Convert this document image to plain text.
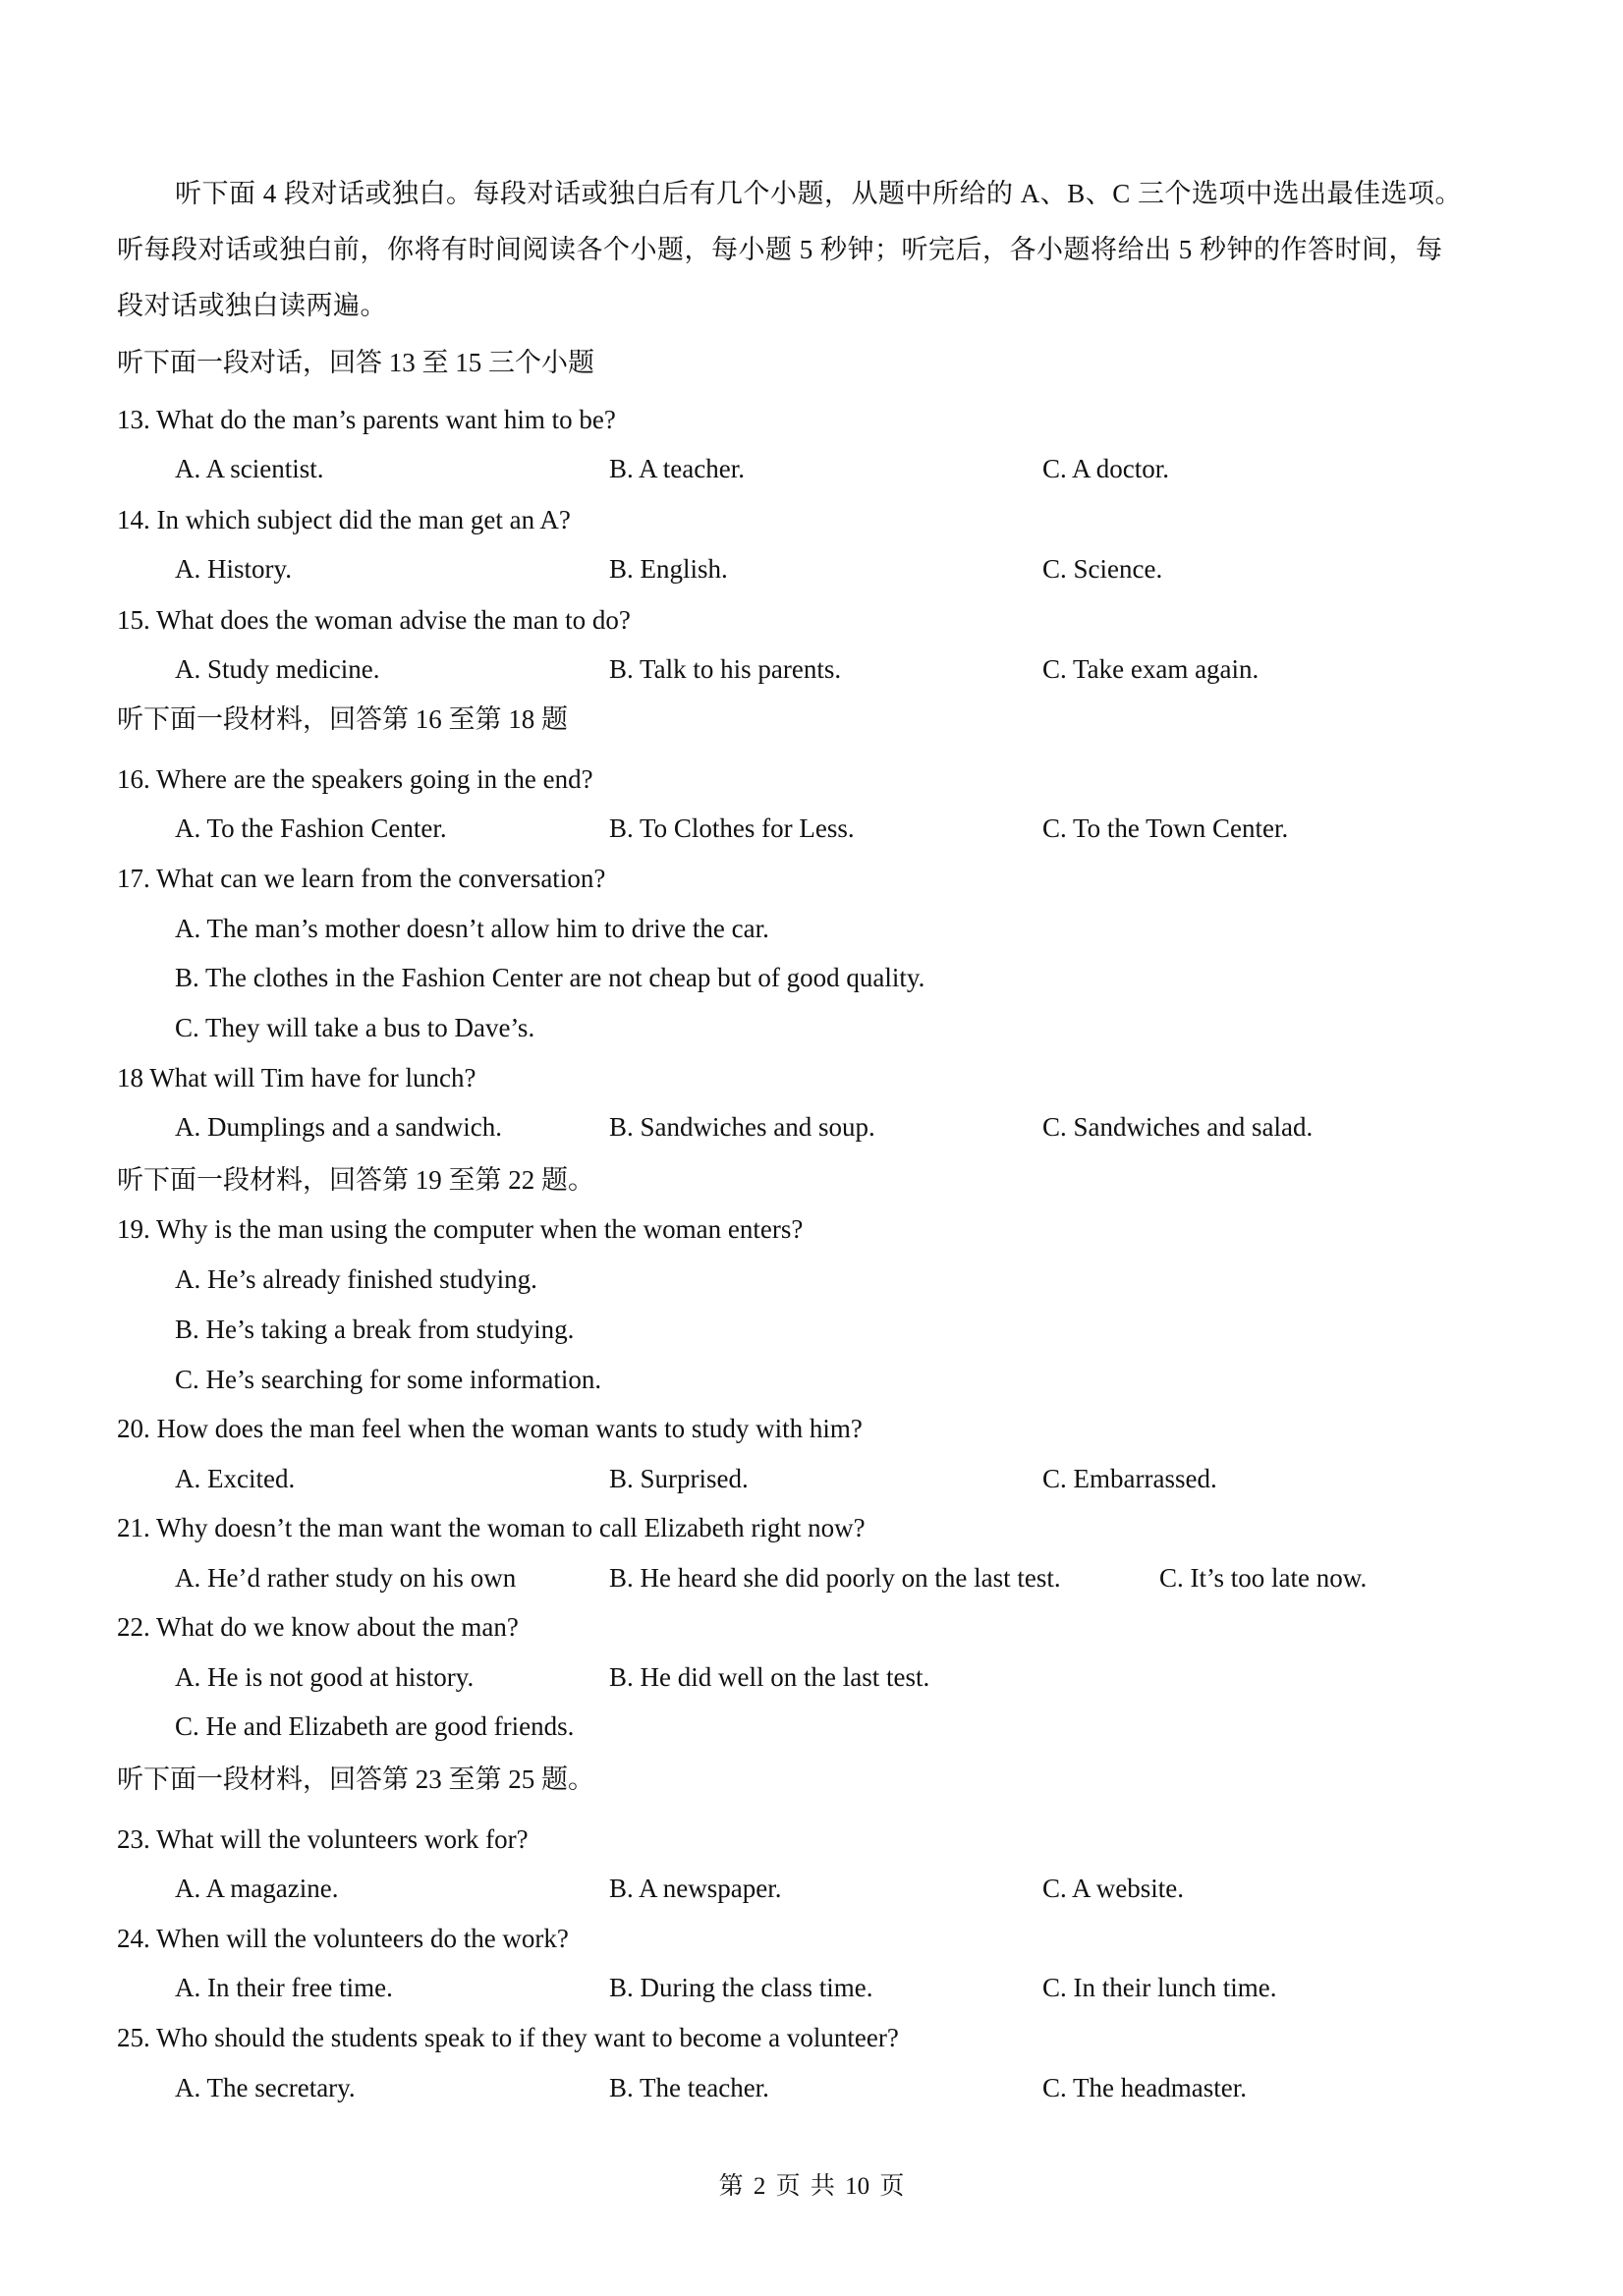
听下面 4 段对话或独白。每段对话或独白后有几个小题，从题中所给的 A、B、C 三个选项中选出最佳选项。
听每段对话或独白前，你将有时间阅读各个小题，每小题 5 秒钟；听完后，各小题将给出 5 秒钟的作答时间，每
段对话或独白读两遍。
听下面一段对话，回答 13 至 15 三个小题
13. What do the man’s parents want him to be?
A. A scientist.	B. A teacher.	C. A doctor.
14. In which subject did the man get an A?
A. History.	B. English.	C. Science.
15. What does the woman advise the man to do?
A. Study medicine.	B. Talk to his parents.	C. Take exam again.
听下面一段材料，回答第 16 至第 18 题
16. Where are the speakers going in the end?
A. To the Fashion Center.	B. To Clothes for Less.	C. To the Town Center.
17. What can we learn from the conversation?
A. The man’s mother doesn’t allow him to drive the car.
B. The clothes in the Fashion Center are not cheap but of good quality.
C. They will take a bus to Dave’s.
18 What will Tim have for lunch?
A. Dumplings and a sandwich.	B. Sandwiches and soup.	C. Sandwiches and salad.
听下面一段材料，回答第 19 至第 22 题。
19. Why is the man using the computer when the woman enters?
A. He’s already finished studying.
B. He’s taking a break from studying.
C. He’s searching for some information.
20. How does the man feel when the woman wants to study with him?
A. Excited.	B. Surprised.	C. Embarrassed.
21. Why doesn’t the man want the woman to call Elizabeth right now?
A. He’d rather study on his own	B. He heard she did poorly on the last test.	C. It’s too late now.
22. What do we know about the man?
A. He is not good at history.	B. He did well on the last test.
C. He and Elizabeth are good friends.
听下面一段材料，回答第 23 至第 25 题。
23. What will the volunteers work for?
A. A magazine.	B. A newspaper.	C. A website.
24. When will the volunteers do the work?
A. In their free time.	B. During the class time.	C. In their lunch time.
25. Who should the students speak to if they want to become a volunteer?
A. The secretary.	B. The teacher.	C. The headmaster.
第 2 页 共 10 页
